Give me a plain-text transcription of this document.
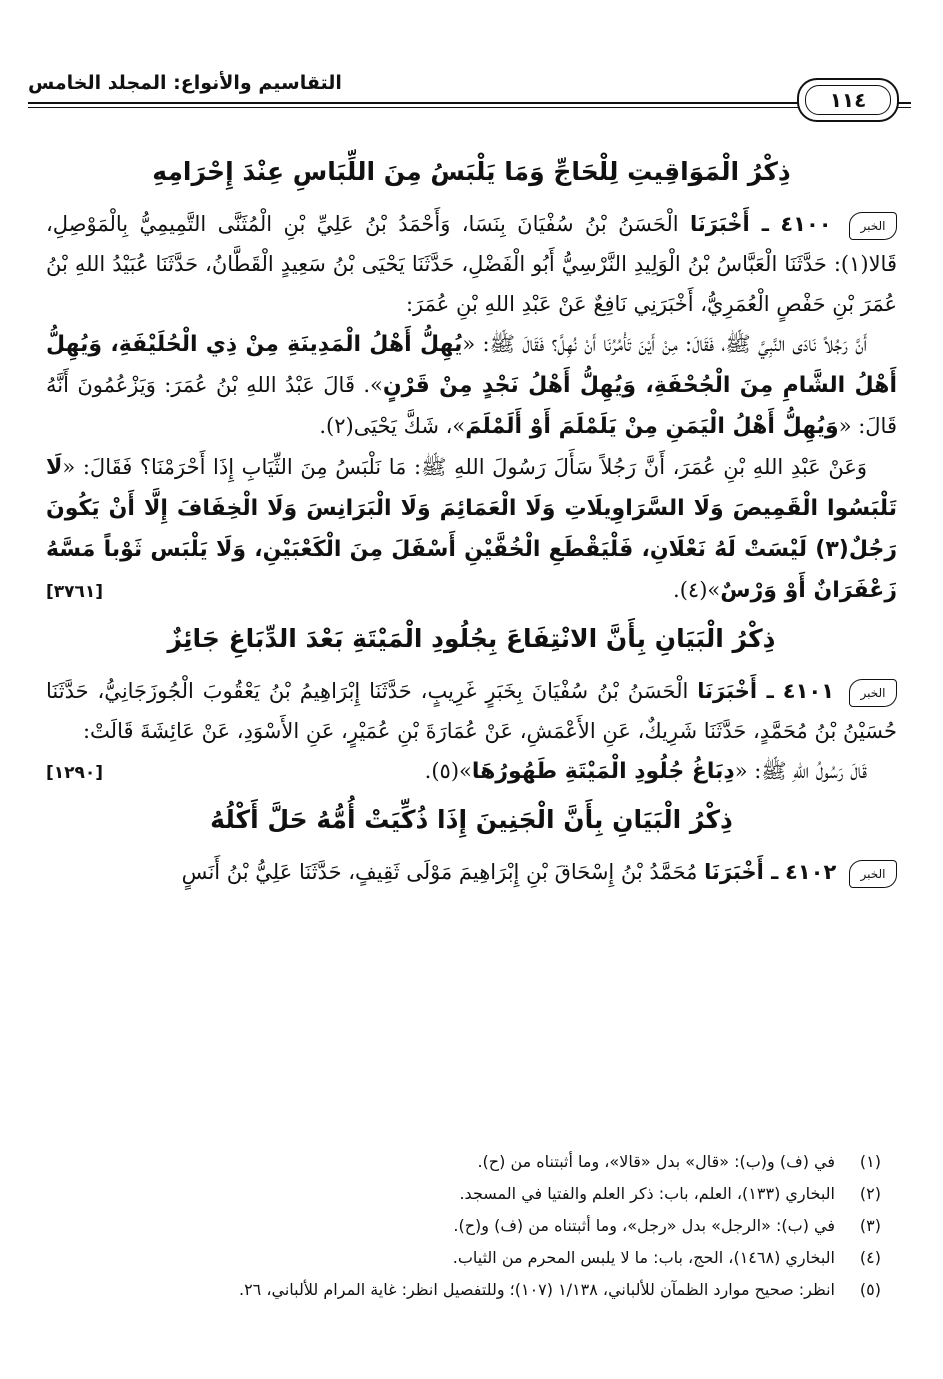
التقاسيم والأنواع: المجلد الخامس
١١٤
ذِكْرُ الْمَوَاقِيتِ لِلْحَاجِّ وَمَا يَلْبَسُ مِنَ اللِّبَاسِ عِنْدَ إِحْرَامِهِ

الخبر ٤١٠٠ ـ أَخْبَرَنَا الْحَسَنُ بْنُ سُفْيَانَ بِنَسَا، وَأَحْمَدُ بْنُ عَلِيِّ بْنِ الْمُثَنَّى التَّمِيمِيُّ بِالْمَوْصِلِ، قَالا(١): حَدَّثَنَا الْعَبَّاسُ بْنُ الْوَلِيدِ النَّرْسِيُّ أَبُو الْفَضْلِ، حَدَّثَنَا يَحْيَى بْنُ سَعِيدٍ الْقَطَّانُ، حَدَّثَنَا عُبَيْدُ اللهِ بْنُ عُمَرَ بْنِ حَفْصٍ الْعُمَرِيُّ، أَخْبَرَنِي نَافِعٌ عَنْ عَبْدِ اللهِ بْنِ عُمَرَ:

أَنَّ رَجُلاً نَادَى النَّبِيَّ ﷺ، فَقَالَ: مِنْ أَيْنَ تَأْمُرُنَا أَنْ نُهِلَّ؟ فَقَالَ ﷺ: «يُهِلُّ أَهْلُ الْمَدِينَةِ مِنْ ذِي الْحُلَيْفَةِ، وَيُهِلُّ أَهْلُ الشَّامِ مِنَ الْجُحْفَةِ، وَيُهِلُّ أَهْلُ نَجْدٍ مِنْ قَرْنٍ». قَالَ عَبْدُ اللهِ بْنُ عُمَرَ: وَيَزْعُمُونَ أَنَّهُ قَالَ: «وَيُهِلُّ أَهْلُ الْيَمَنِ مِنْ يَلَمْلَمَ أَوْ أَلَمْلَمَ»، شَكَّ يَحْيَى(٢).

وَعَنْ عَبْدِ اللهِ بْنِ عُمَرَ، أَنَّ رَجُلاً سَأَلَ رَسُولَ اللهِ ﷺ: مَا نَلْبَسُ مِنَ الثِّيَابِ إِذَا أَحْرَمْنَا؟ فَقَالَ: «لَا تَلْبَسُوا الْقَمِيصَ وَلَا السَّرَاوِيلَاتِ وَلَا الْعَمَائِمَ وَلَا الْبَرَانِسَ وَلَا الْخِفَافَ إِلَّا أَنْ يَكُونَ رَجُلٌ(٣) لَيْسَتْ لَهُ نَعْلَانِ، فَلْيَقْطَعِ الْخُفَّيْنِ أَسْفَلَ مِنَ الْكَعْبَيْنِ، وَلَا يَلْبَس ثَوْباً مَسَّهُ زَعْفَرَانٌ أَوْ وَرْسٌ»(٤).
[٣٧٦١]

ذِكْرُ الْبَيَانِ بِأَنَّ الانْتِفَاعَ بِجُلُودِ الْمَيْتَةِ بَعْدَ الدِّبَاغِ جَائِزٌ

الخبر ٤١٠١ ـ أَخْبَرَنَا الْحَسَنُ بْنُ سُفْيَانَ بِخَبَرٍ غَرِيبٍ، حَدَّثَنَا إِبْرَاهِيمُ بْنُ يَعْقُوبَ الْجُوزَجَانِيُّ، حَدَّثَنَا حُسَيْنُ بْنُ مُحَمَّدٍ، حَدَّثَنَا شَرِيكٌ، عَنِ الأَعْمَشِ، عَنْ عُمَارَةَ بْنِ عُمَيْرٍ، عَنِ الأَسْوَدِ، عَنْ عَائِشَةَ قَالَتْ:

قَالَ رَسُولُ اللهِ ﷺ: «دِبَاغُ جُلُودِ الْمَيْتَةِ طَهُورُهَا»(٥).
[١٢٩٠]

ذِكْرُ الْبَيَانِ بِأَنَّ الْجَنِينَ إِذَا ذُكِّيَتْ أُمُّهُ حَلَّ أَكْلُهُ

الخبر ٤١٠٢ ـ أَخْبَرَنَا مُحَمَّدُ بْنُ إِسْحَاقَ بْنِ إِبْرَاهِيمَ مَوْلَى ثَقِيفٍ، حَدَّثَنَا عَلِيُّ بْنُ أَنَسٍ

(١)
في (ف) و(ب): «قال» بدل «قالا»، وما أثبتناه من (ح).
(٢)
البخاري (١٣٣)، العلم، باب: ذكر العلم والفتيا في المسجد.
(٣)
في (ب): «الرجل» بدل «رجل»، وما أثبتناه من (ف) و(ح).
(٤)
البخاري (١٤٦٨)، الحج، باب: ما لا يلبس المحرم من الثياب.
(٥)
انظر: صحيح موارد الظمآن للألباني، ١/١٣٨ (١٠٧)؛ وللتفصيل انظر: غاية المرام للألباني، ٢٦.
